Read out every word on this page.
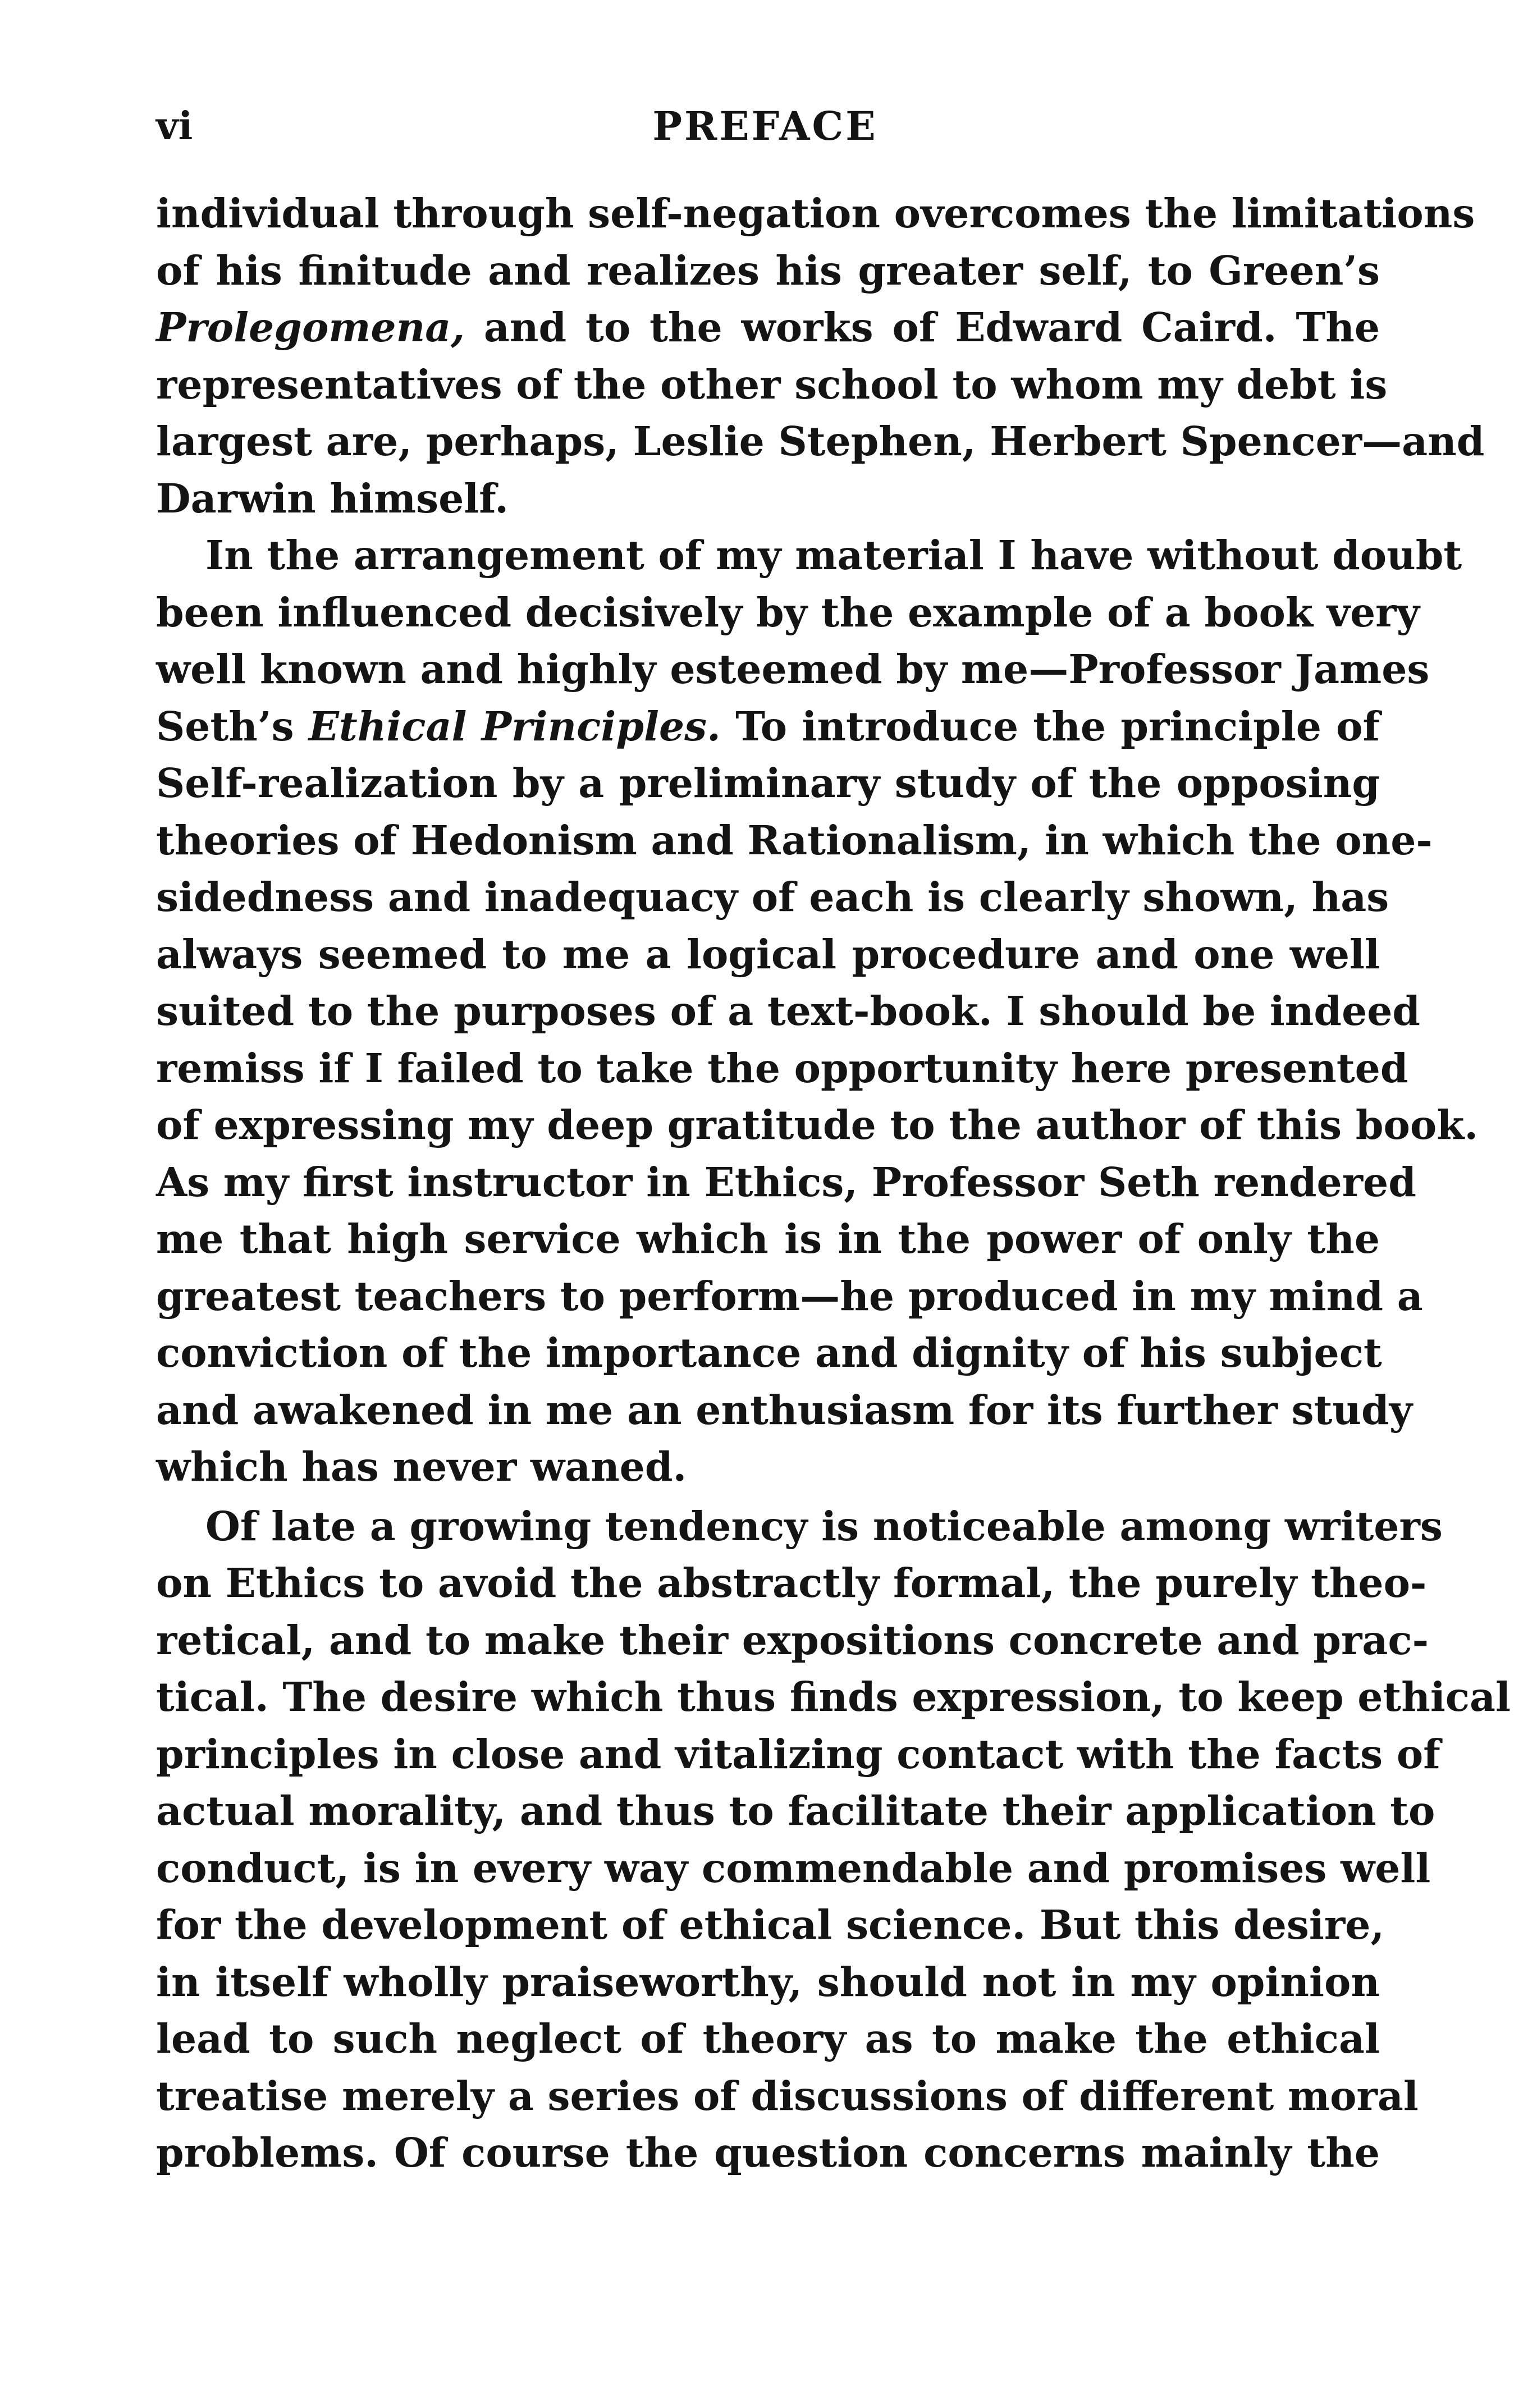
vi	PREFACE
individual through self-negation overcomes the limitations
of his finitude and realizes his greater self, to Green’s
Prolegomena, and to the works of Edward Caird. The
representatives of the other school to whom my debt is
largest are, perhaps, Leslie Stephen, Herbert Spencer—and
Darwin himself.
In the arrangement of my material I have without doubt
been influenced decisively by the example of a book very
well known and highly esteemed by me—Professor James
Seth’s Ethical Principles. To introduce the principle of
Self-realization by a preliminary study of the opposing
theories of Hedonism and Rationalism, in which the one-
sidedness and inadequacy of each is clearly shown, has
always seemed to me a logical procedure and one well
suited to the purposes of a text-book. I should be indeed
remiss if I failed to take the opportunity here presented
of expressing my deep gratitude to the author of this book.
As my first instructor in Ethics, Professor Seth rendered
me that high service which is in the power of only the
greatest teachers to perform—he produced in my mind a
conviction of the importance and dignity of his subject
and awakened in me an enthusiasm for its further study
which has never waned.
Of late a growing tendency is noticeable among writers
on Ethics to avoid the abstractly formal, the purely theo-
retical, and to make their expositions concrete and prac-
tical. The desire which thus finds expression, to keep ethical
principles in close and vitalizing contact with the facts of
actual morality, and thus to facilitate their application to
conduct, is in every way commendable and promises well
for the development of ethical science. But this desire,
in itself wholly praiseworthy, should not in my opinion
lead to such neglect of theory as to make the ethical
treatise merely a series of discussions of different moral
problems. Of course the question concerns mainly the
